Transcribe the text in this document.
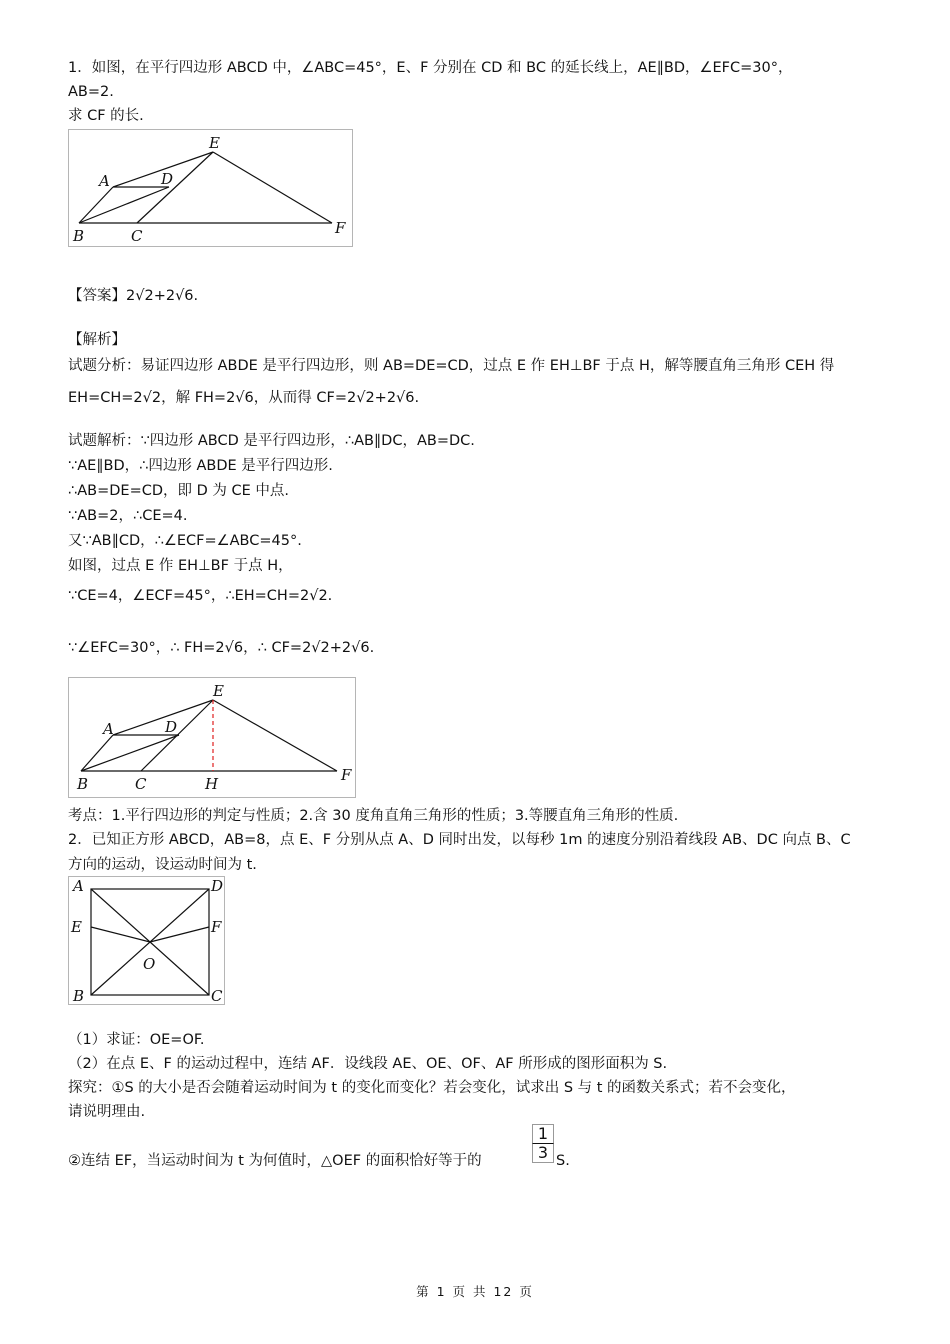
1．如图，在平行四边形 ABCD 中，∠ABC=45°，E、F 分别在 CD 和 BC 的延长线上，AE∥BD，∠EFC=30°，
AB=2.
求 CF 的长.
A	D
E
B	C	F
【答案】2√2+2√6.
【解析】
试题分析：易证四边形 ABDE 是平行四边形，则 AB=DE=CD，过点 E 作 EH⊥BF 于点 H，解等腰直角三角形 CEH 得
EH=CH=2√2，解 FH=2√6，从而得 CF=2√2+2√6.
试题解析：∵四边形 ABCD 是平行四边形，∴AB∥DC，AB=DC.
∵AE∥BD，∴四边形 ABDE 是平行四边形.
∴AB=DE=CD，即 D 为 CE 中点.
∵AB=2，∴CE=4.
又∵AB∥CD，∴∠ECF=∠ABC=45°.
如图，过点 E 作 EH⊥BF 于点 H，
∵CE=4，∠ECF=45°，∴EH=CH=2√2.
∵∠EFC=30°，∴ FH=2√6，∴ CF=2√2+2√6.
A	D
E
B	C	H	F
考点：1.平行四边形的判定与性质；2.含 30 度角直角三角形的性质；3.等腰直角三角形的性质.
2．已知正方形 ABCD，AB=8，点 E、F 分别从点 A、D 同时出发，以每秒 1m 的速度分别沿着线段 AB、DC 向点 B、C
方向的运动，设运动时间为 t.
A	D
E	F
O
B	C
（1）求证：OE=OF.
（2）在点 E、F 的运动过程中，连结 AF．设线段 AE、OE、OF、AF 所形成的图形面积为 S.
探究：①S 的大小是否会随着运动时间为 t 的变化而变化？若会变化，试求出 S 与 t 的函数关系式；若不会变化，
请说明理由.
②连结 EF，当运动时间为 t 为何值时，△OEF 的面积恰好等于的	$\frac{1}{3} S$.
第 1 页 共 12 页
